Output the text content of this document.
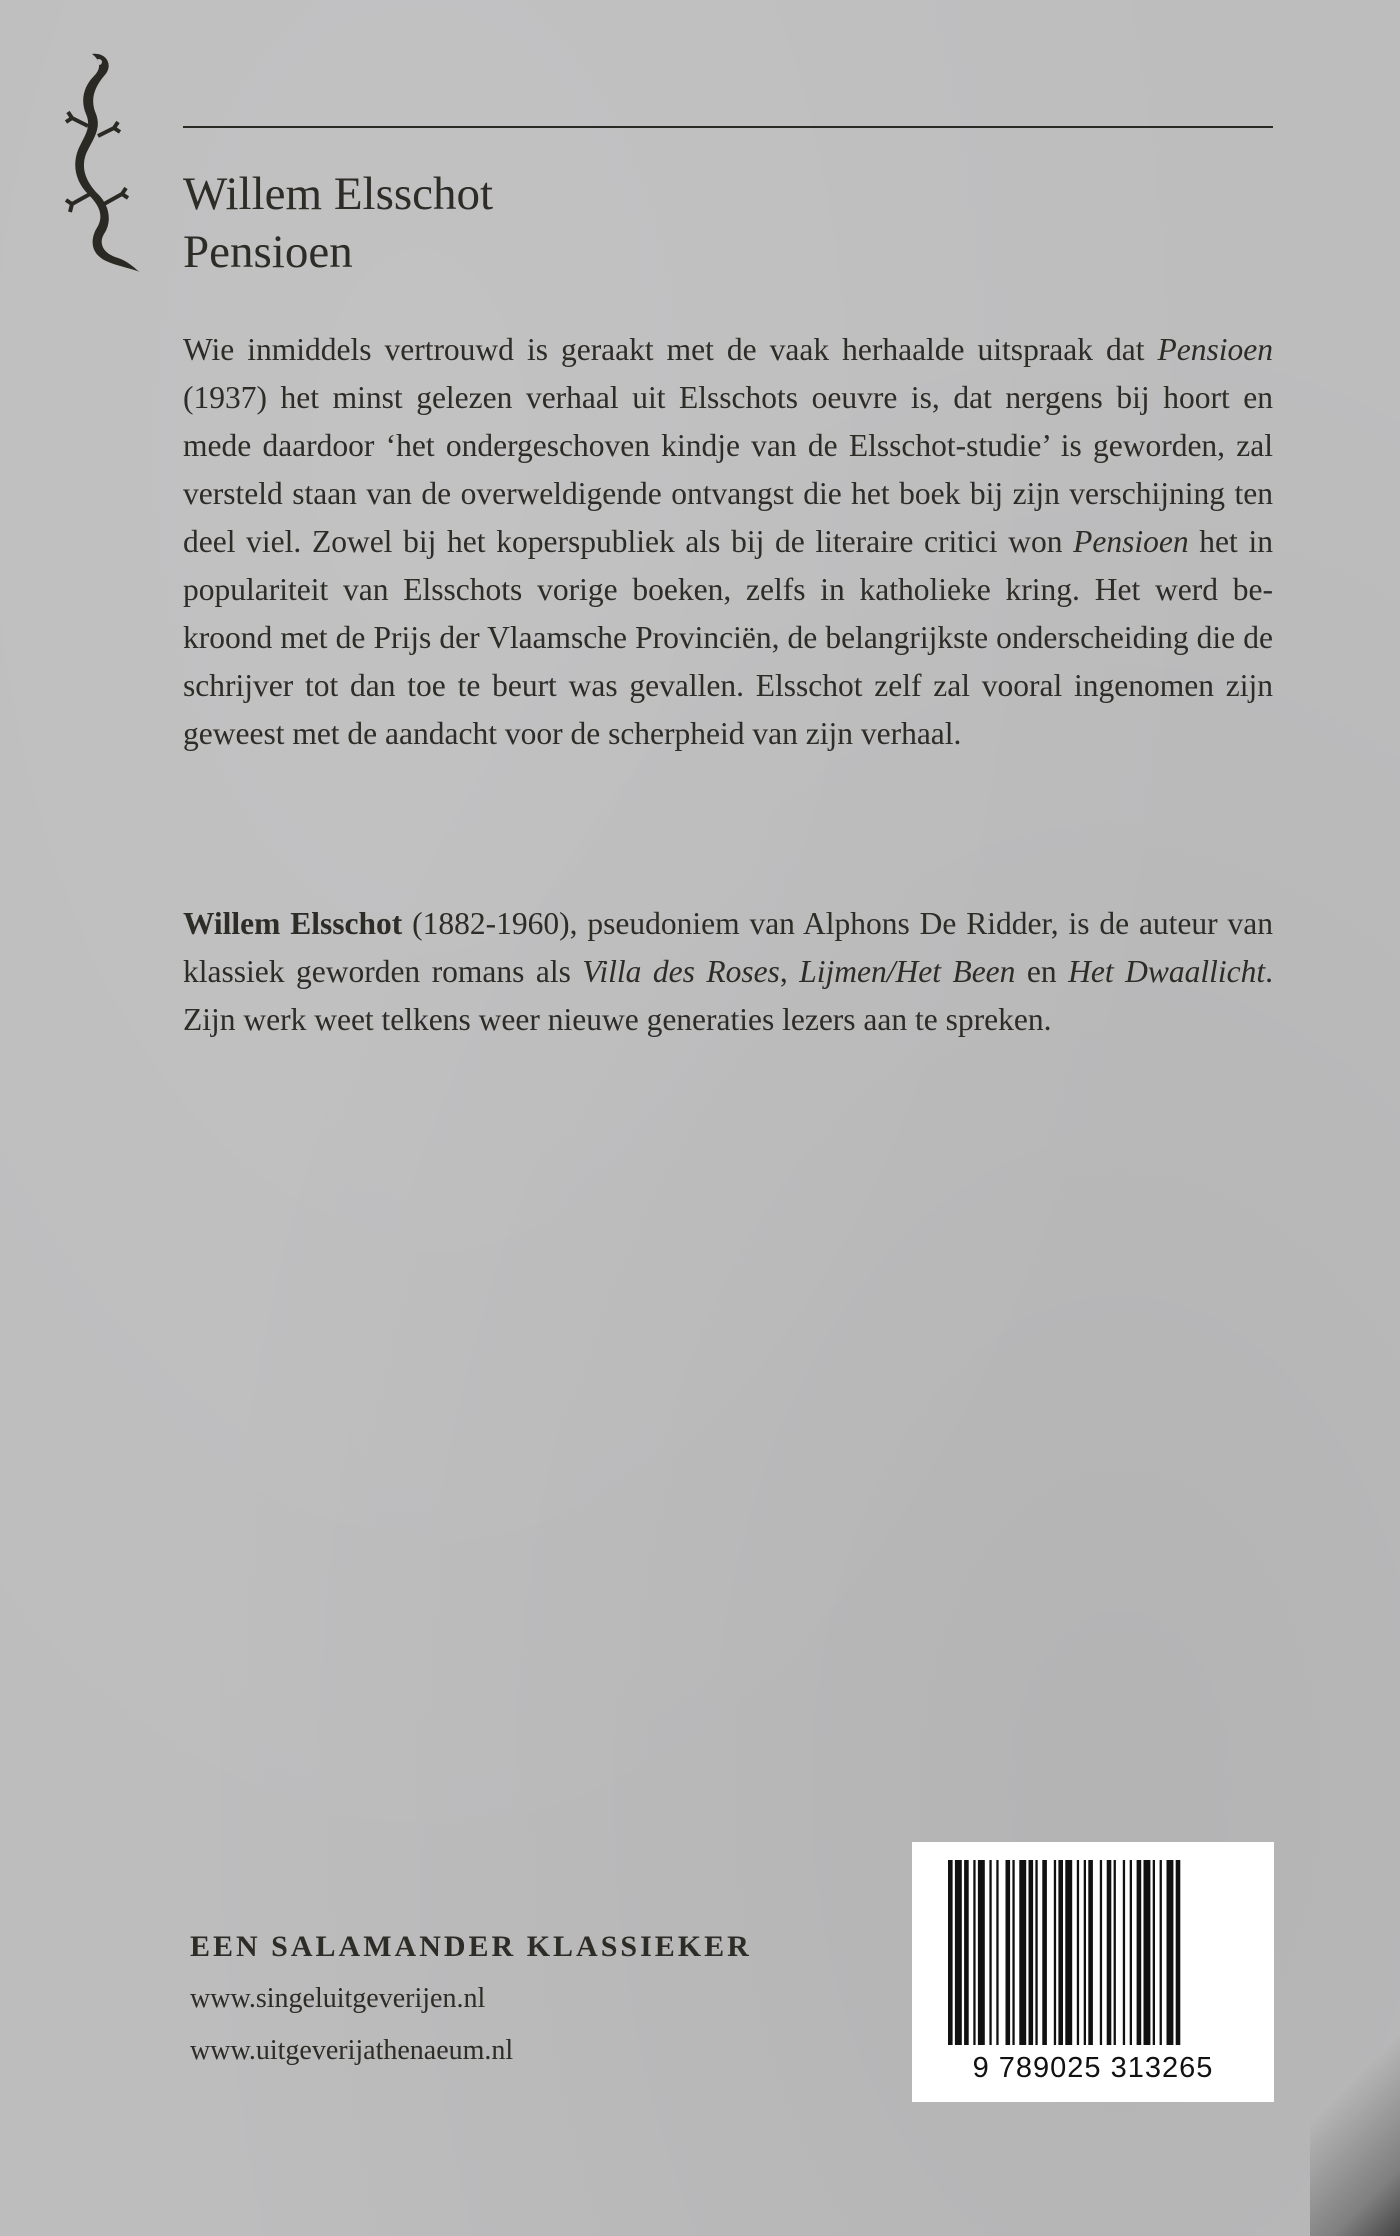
Willem Elsschot
Pensioen

Wie inmiddels vertrouwd is geraakt met de vaak herhaalde uitspraak dat Pensioen (1937) het minst gelezen verhaal uit Elsschots oeuvre is, dat nergens bij hoort en mede daardoor ‘het ondergeschoven kindje van de Elsschot-studie’ is geworden, zal versteld staan van de overweldigende ontvangst die het boek bij zijn verschijning ten deel viel. Zowel bij het koperspubliek als bij de literaire critici won Pensioen het in populariteit van Elsschots vorige boeken, zelfs in katholieke kring. Het werd bekroond met de Prijs der Vlaamsche Provinciën, de belangrijkste onderscheiding die de schrijver tot dan toe te beurt was gevallen. Elsschot zelf zal vooral ingenomen zijn geweest met de aandacht voor de scherpheid van zijn verhaal.

Willem Elsschot (1882-1960), pseudoniem van Alphons De Ridder, is de auteur van klassiek geworden romans als Villa des Roses, Lijmen/Het Been en Het Dwaallicht. Zijn werk weet telkens weer nieuwe generaties lezers aan te spreken.

EEN SALAMANDER KLASSIEKER
www.singeluitgeverijen.nl
www.uitgeverijathenaeum.nl
9 789025 313265
